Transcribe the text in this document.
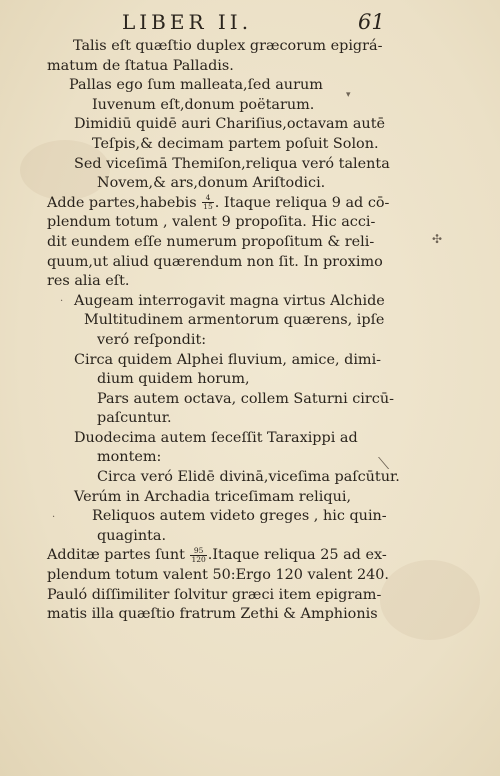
LIBER II.	61
Talis eſt quæſtio duplex græcorum epigrá-
matum de ſtatua Palladis.
Pallas ego ſum malleata,ſed aurum
Iuvenum eſt,donum poëtarum.
Dimidiū quidē auri Chariſius,octavam autē
Teſpis,& decimam partem poſuit Solon.
Sed viceſimā Themiſon,reliqua veró talenta
Novem,& ars,donum Ariſtodici.
Adde partes,habebis $\frac{4}{15}$ . Itaque reliqua 9 ad cō-
plendum totum , valent 9 propoſita. Hic acci-
dit eundem eſſe numerum propoſitum & reli-
quum,ut aliud quærendum non ſit. In proximo
res alia eſt.
Augeam interrogavit magna virtus Alchide
Multitudinem armentorum quærens, ipſe
veró reſpondit:
Circa quidem Alphei fluvium, amice, dimi-
dium quidem horum,
Pars autem octava, collem Saturni circū-
paſcuntur.
Duodecima autem ſeceſſit Taraxippi ad
montem:
Circa veró Elidē divinā,viceſima paſcūtur.
Verúm in Archadia triceſimam reliqui,
Reliquos autem videto greges , hic quin-
quaginta.
Additæ partes ſunt $\frac{95}{120}$ .Itaque reliqua 25 ad ex-
plendum totum valent 50:Ergo 120 valent 240.
Pauló diſſimiliter ſolvitur græci item epigram-
matis illa quæſtio fratrum Zethi & Amphionis
✣
▾
⟍
·
·
